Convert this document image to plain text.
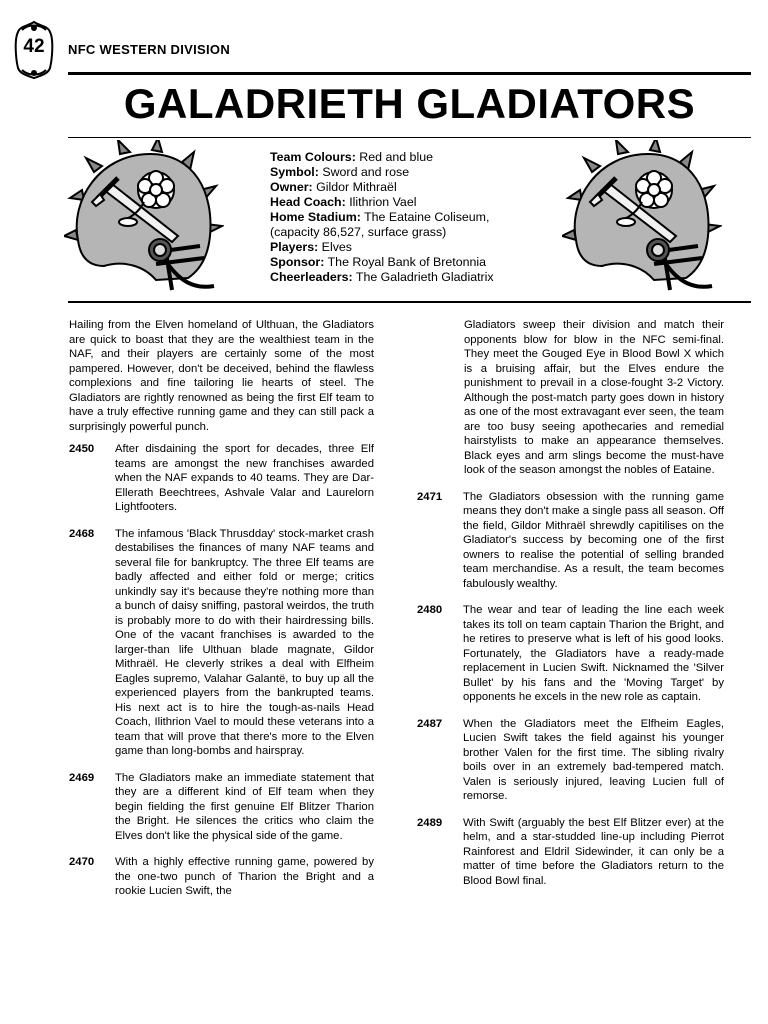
42	NFC WESTERN DIVISION
GALADRIETH GLADIATORS
Team Colours: Red and blue
Symbol: Sword and rose
Owner: Gildor Mithraël
Head Coach: Ilithrion Vael
Home Stadium: The Eataine Coliseum,
(capacity 86,527, surface grass)
Players: Elves
Sponsor: The Royal Bank of Bretonnia
Cheerleaders: The Galadrieth Gladiatrix

Hailing from the Elven homeland of Ulthuan, the Gladiators are quick to boast that they are the wealthiest team in the NAF, and their players are certainly some of the most pampered. However, don't be deceived, behind the flawless complexions and fine tailoring lie hearts of steel. The Gladiators are rightly renowned as being the first Elf team to have a truly effective running game and they can still pack a surprisingly powerful punch.

2450	After disdaining the sport for decades, three Elf teams are amongst the new franchises awarded when the NAF expands to 40 teams. They are Dar-Ellerath Beechtrees, Ashvale Valar and Laurelorn Lightfooters.
2468	The infamous 'Black Thrusdday' stock-market crash destabilises the finances of many NAF teams and several file for bankruptcy. The three Elf teams are badly affected and either fold or merge; critics unkindly say it's because they're nothing more than a bunch of daisy sniffing, pastoral weirdos, the truth is probably more to do with their hairdressing bills. One of the vacant franchises is awarded to the larger-than life Ulthuan blade magnate, Gildor Mithraël. He cleverly strikes a deal with Elfheim Eagles supremo, Valahar Galantë, to buy up all the experienced players from the bankrupted teams. His next act is to hire the tough-as-nails Head Coach, Ilithrion Vael to mould these veterans into a team that will prove that there's more to the Elven game than long-bombs and hairspray.
2469	The Gladiators make an immediate statement that they are a different kind of Elf team when they begin fielding the first genuine Elf Blitzer Tharion the Bright. He silences the critics who claim the Elves don't like the physical side of the game.
2470	With a highly effective running game, powered by the one-two punch of Tharion the Bright and a rookie Lucien Swift, the
Gladiators sweep their division and match their opponents blow for blow in the NFC semi-final. They meet the Gouged Eye in Blood Bowl X which is a bruising affair, but the Elves endure the punishment to prevail in a close-fought 3-2 Victory. Although the post-match party goes down in history as one of the most extravagant ever seen, the team are too busy seeing apothecaries and remedial hairstylists to make an appearance themselves. Black eyes and arm slings become the must-have look of the season amongst the nobles of Eataine.
2471	The Gladiators obsession with the running game means they don't make a single pass all season. Off the field, Gildor Mithraël shrewdly capitilises on the Gladiator's success by becoming one of the first owners to realise the potential of selling branded team merchandise. As a result, the team becomes fabulously wealthy.
2480	The wear and tear of leading the line each week takes its toll on team captain Tharion the Bright, and he retires to preserve what is left of his good looks. Fortunately, the Gladiators have a ready-made replacement in Lucien Swift. Nicknamed the 'Silver Bullet' by his fans and the 'Moving Target' by opponents he excels in the new role as captain.
2487	When the Gladiators meet the Elfheim Eagles, Lucien Swift takes the field against his younger brother Valen for the first time. The sibling rivalry boils over in an extremely bad-tempered match. Valen is seriously injured, leaving Lucien full of remorse.
2489	With Swift (arguably the best Elf Blitzer ever) at the helm, and a star-studded line-up including Pierrot Rainforest and Eldril Sidewinder, it can only be a matter of time before the Gladiators return to the Blood Bowl final.
